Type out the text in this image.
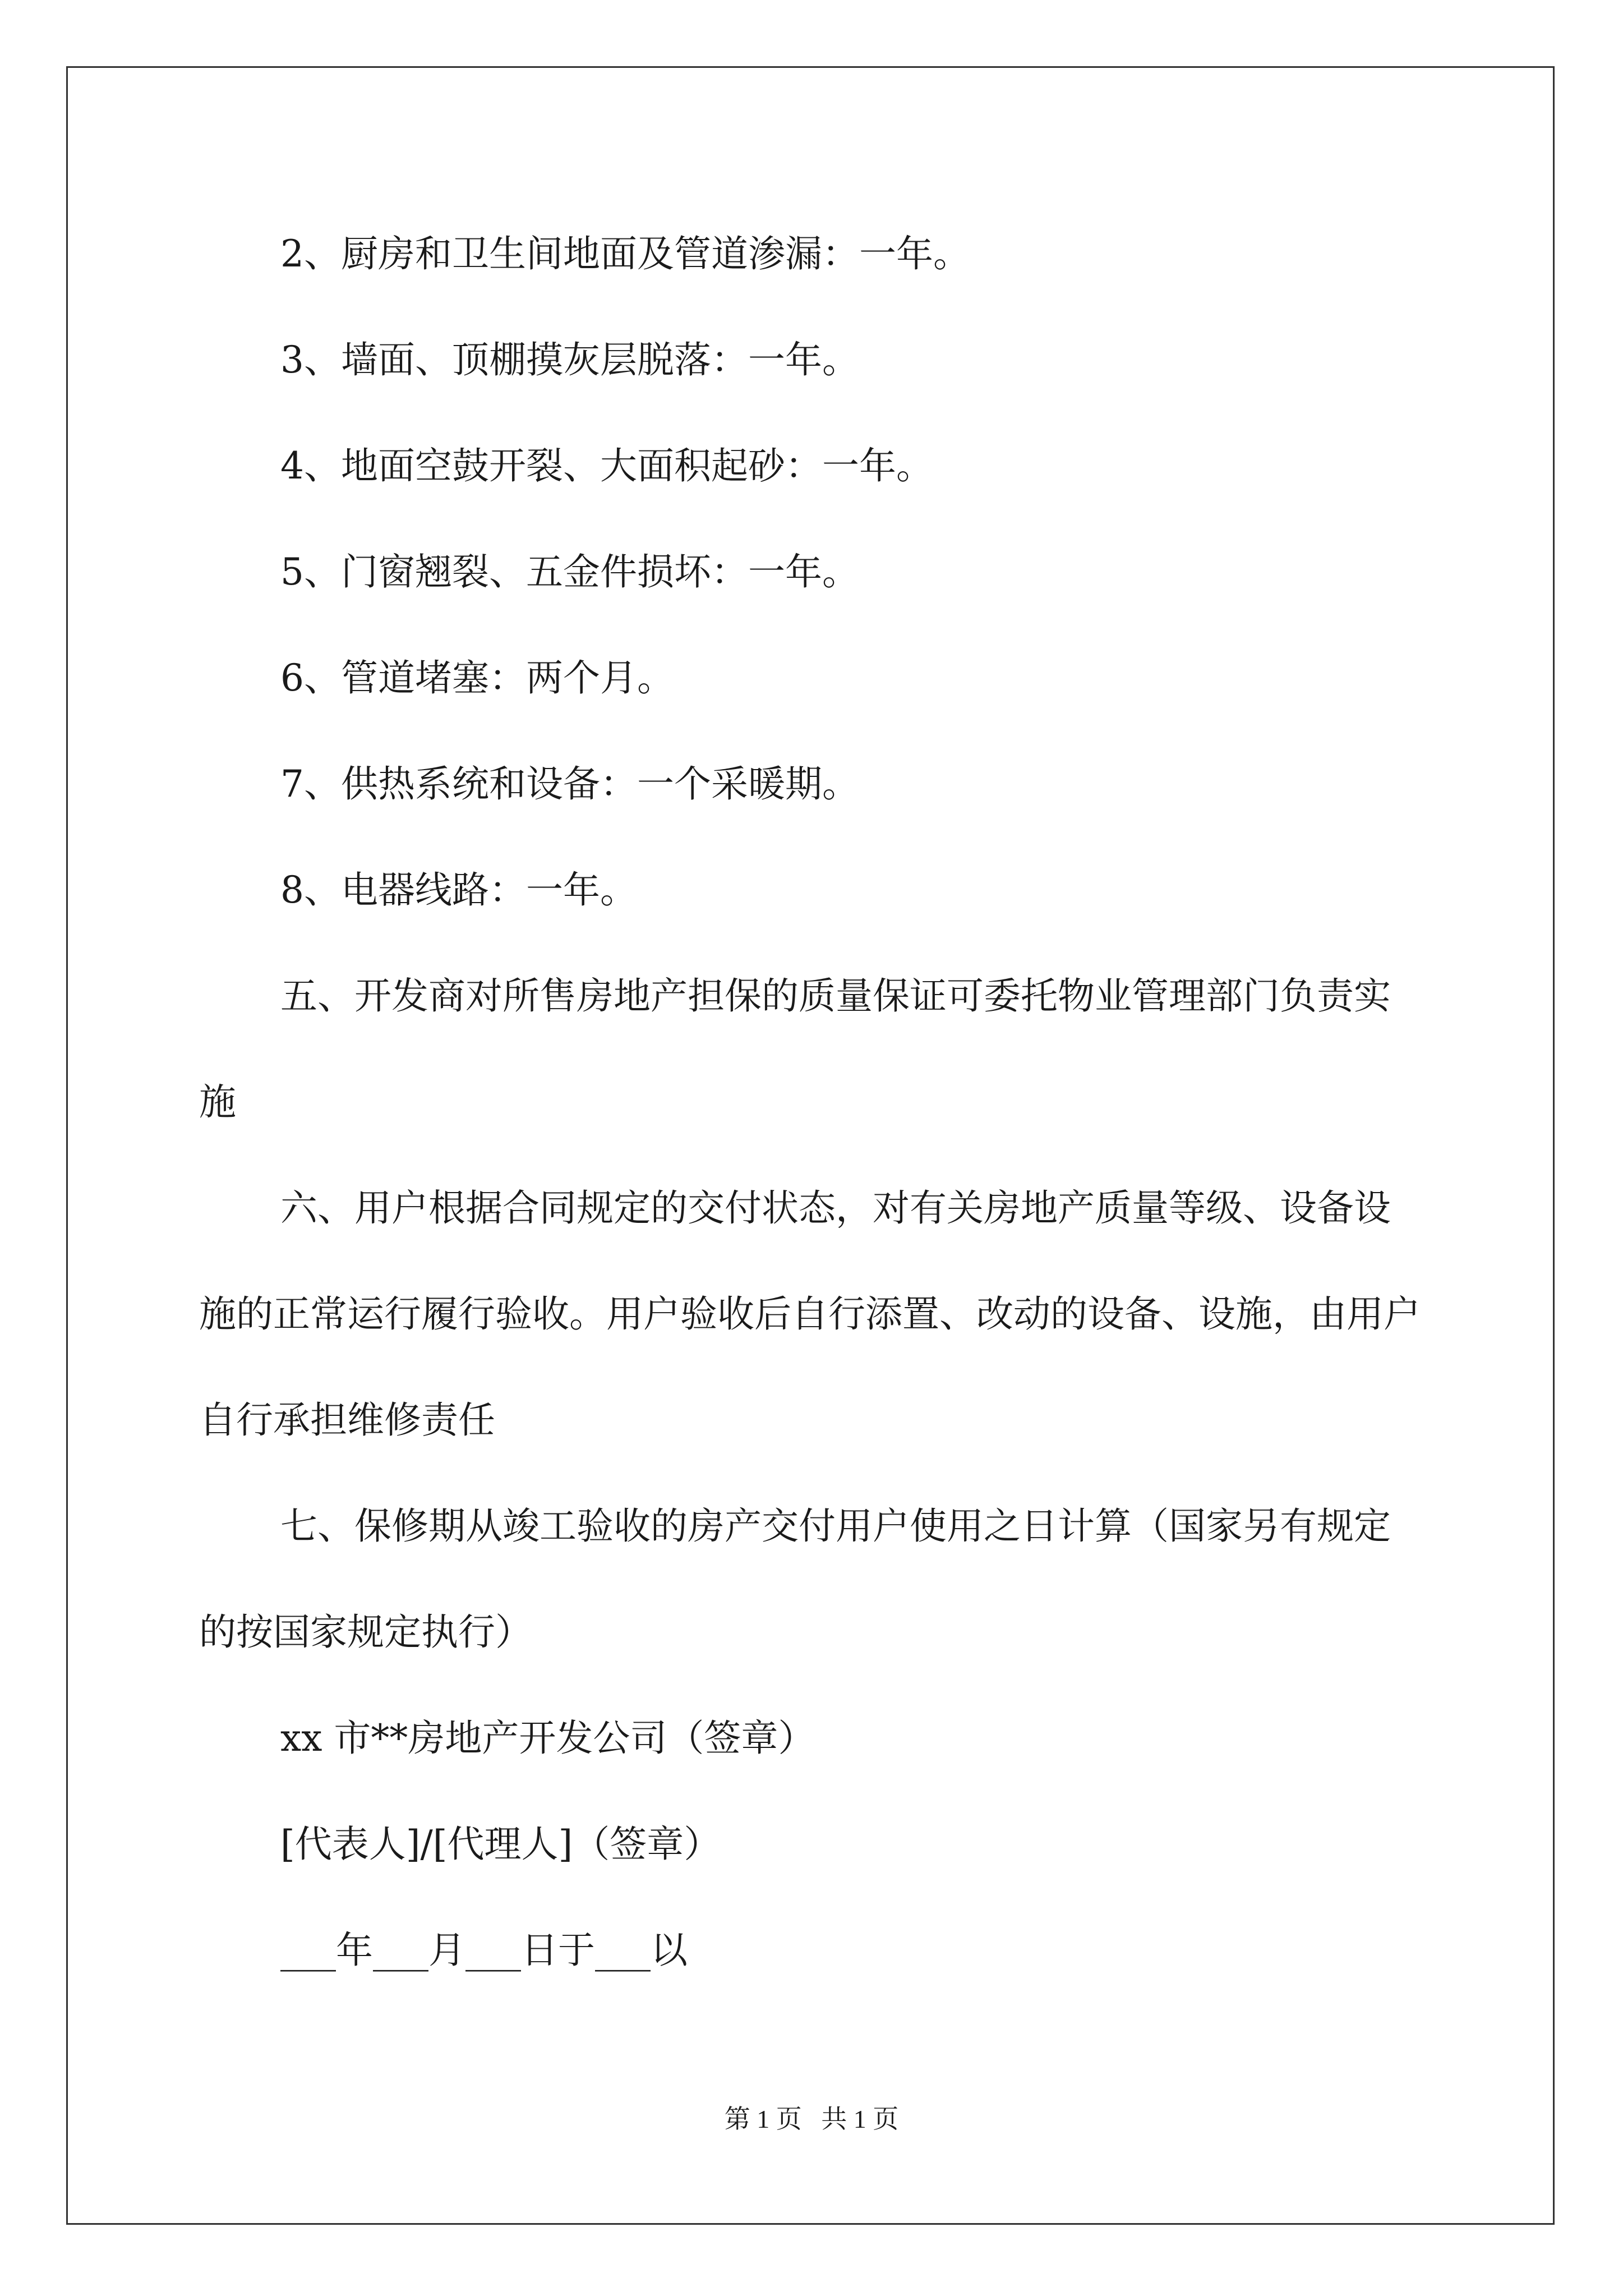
2、厨房和卫生间地面及管道渗漏：一年。

3、墙面、顶棚摸灰层脱落：一年。

4、地面空鼓开裂、大面积起砂：一年。

5、门窗翘裂、五金件损坏：一年。

6、管道堵塞：两个月。

7、供热系统和设备：一个采暖期。

8、电器线路：一年。

五、开发商对所售房地产担保的质量保证可委托物业管理部门负责实施

六、用户根据合同规定的交付状态，对有关房地产质量等级、设备设施的正常运行履行验收。用户验收后自行添置、改动的设备、设施，由用户自行承担维修责任

七、保修期从竣工验收的房产交付用户使用之日计算（国家另有规定的按国家规定执行）

xx 市**房地产开发公司（签章）

[代表人]/[代理人]（签章）

___年___月___日于___以

第 1 页   共 1 页
